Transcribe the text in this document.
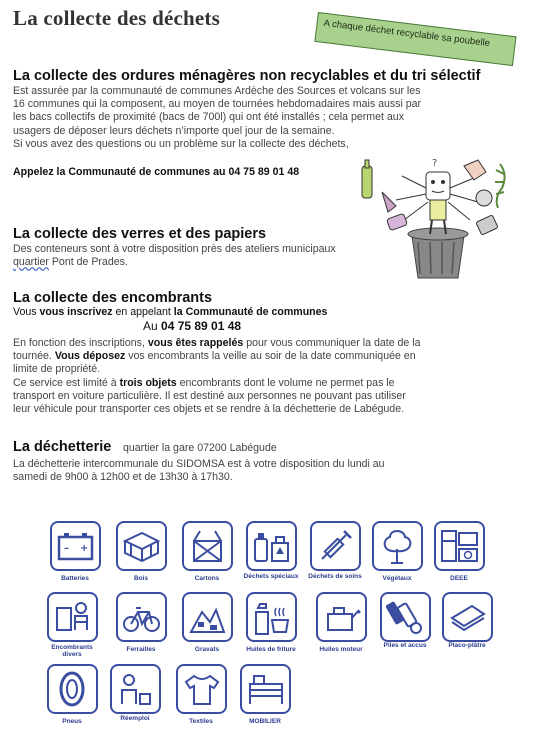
La collecte des déchets	A chaque déchet recyclable sa poubelle
La collecte des ordures ménagères non recyclables et du tri sélectif
Est assurée par la communauté de communes Ardèche des Sources et volcans sur les
16 communes qui la composent, au moyen de tournées hebdomadaires mais aussi par
les bacs collectifs de proximité (bacs de 700l) qui ont été installés ; cela permet aux
usagers de déposer leurs déchets n’importe quel jour de la semaine.
Si vous avez des questions ou un problème sur la collecte des déchets,
Appelez la Communauté de communes au 04 75 89 01 48
?
La collecte des verres et des papiers
Des conteneurs sont à votre disposition près des ateliers municipaux
quartier Pont de Prades.
La collecte des encombrants
Vous vous inscrivez en appelant la Communauté de communes
Au 04 75 89 01 48
En fonction des inscriptions, vous êtes rappelés pour vous communiquer la date de la
tournée. Vous déposez vos encombrants la veille au soir de la date communiquée en
limite de propriété.
Ce service est limité à trois objets encombrants dont le volume ne permet pas le
transport en voiture particulière. Il est destiné aux personnes ne pouvant pas utiliser
leur véhicule pour transporter ces objets et se rendre à la déchetterie de Labégude.
La déchetterie quartier la gare 07200 Labégude
La déchetterie intercommunale du SIDOMSA est à votre disposition du lundi au
samedi de 9h00 à 12h00 et de 13h30 à 17h30.
– +
Batteries	Bois	Cartons	Déchets spéciaux	Déchets de soins	Végétaux	DEEE
Encombrants divers
Ferrailles	Gravats	Huiles de friture	Huiles moteur
Piles et accus	Placo-plâtre
Pneus	Réemploi	Textiles	MOBILIER
